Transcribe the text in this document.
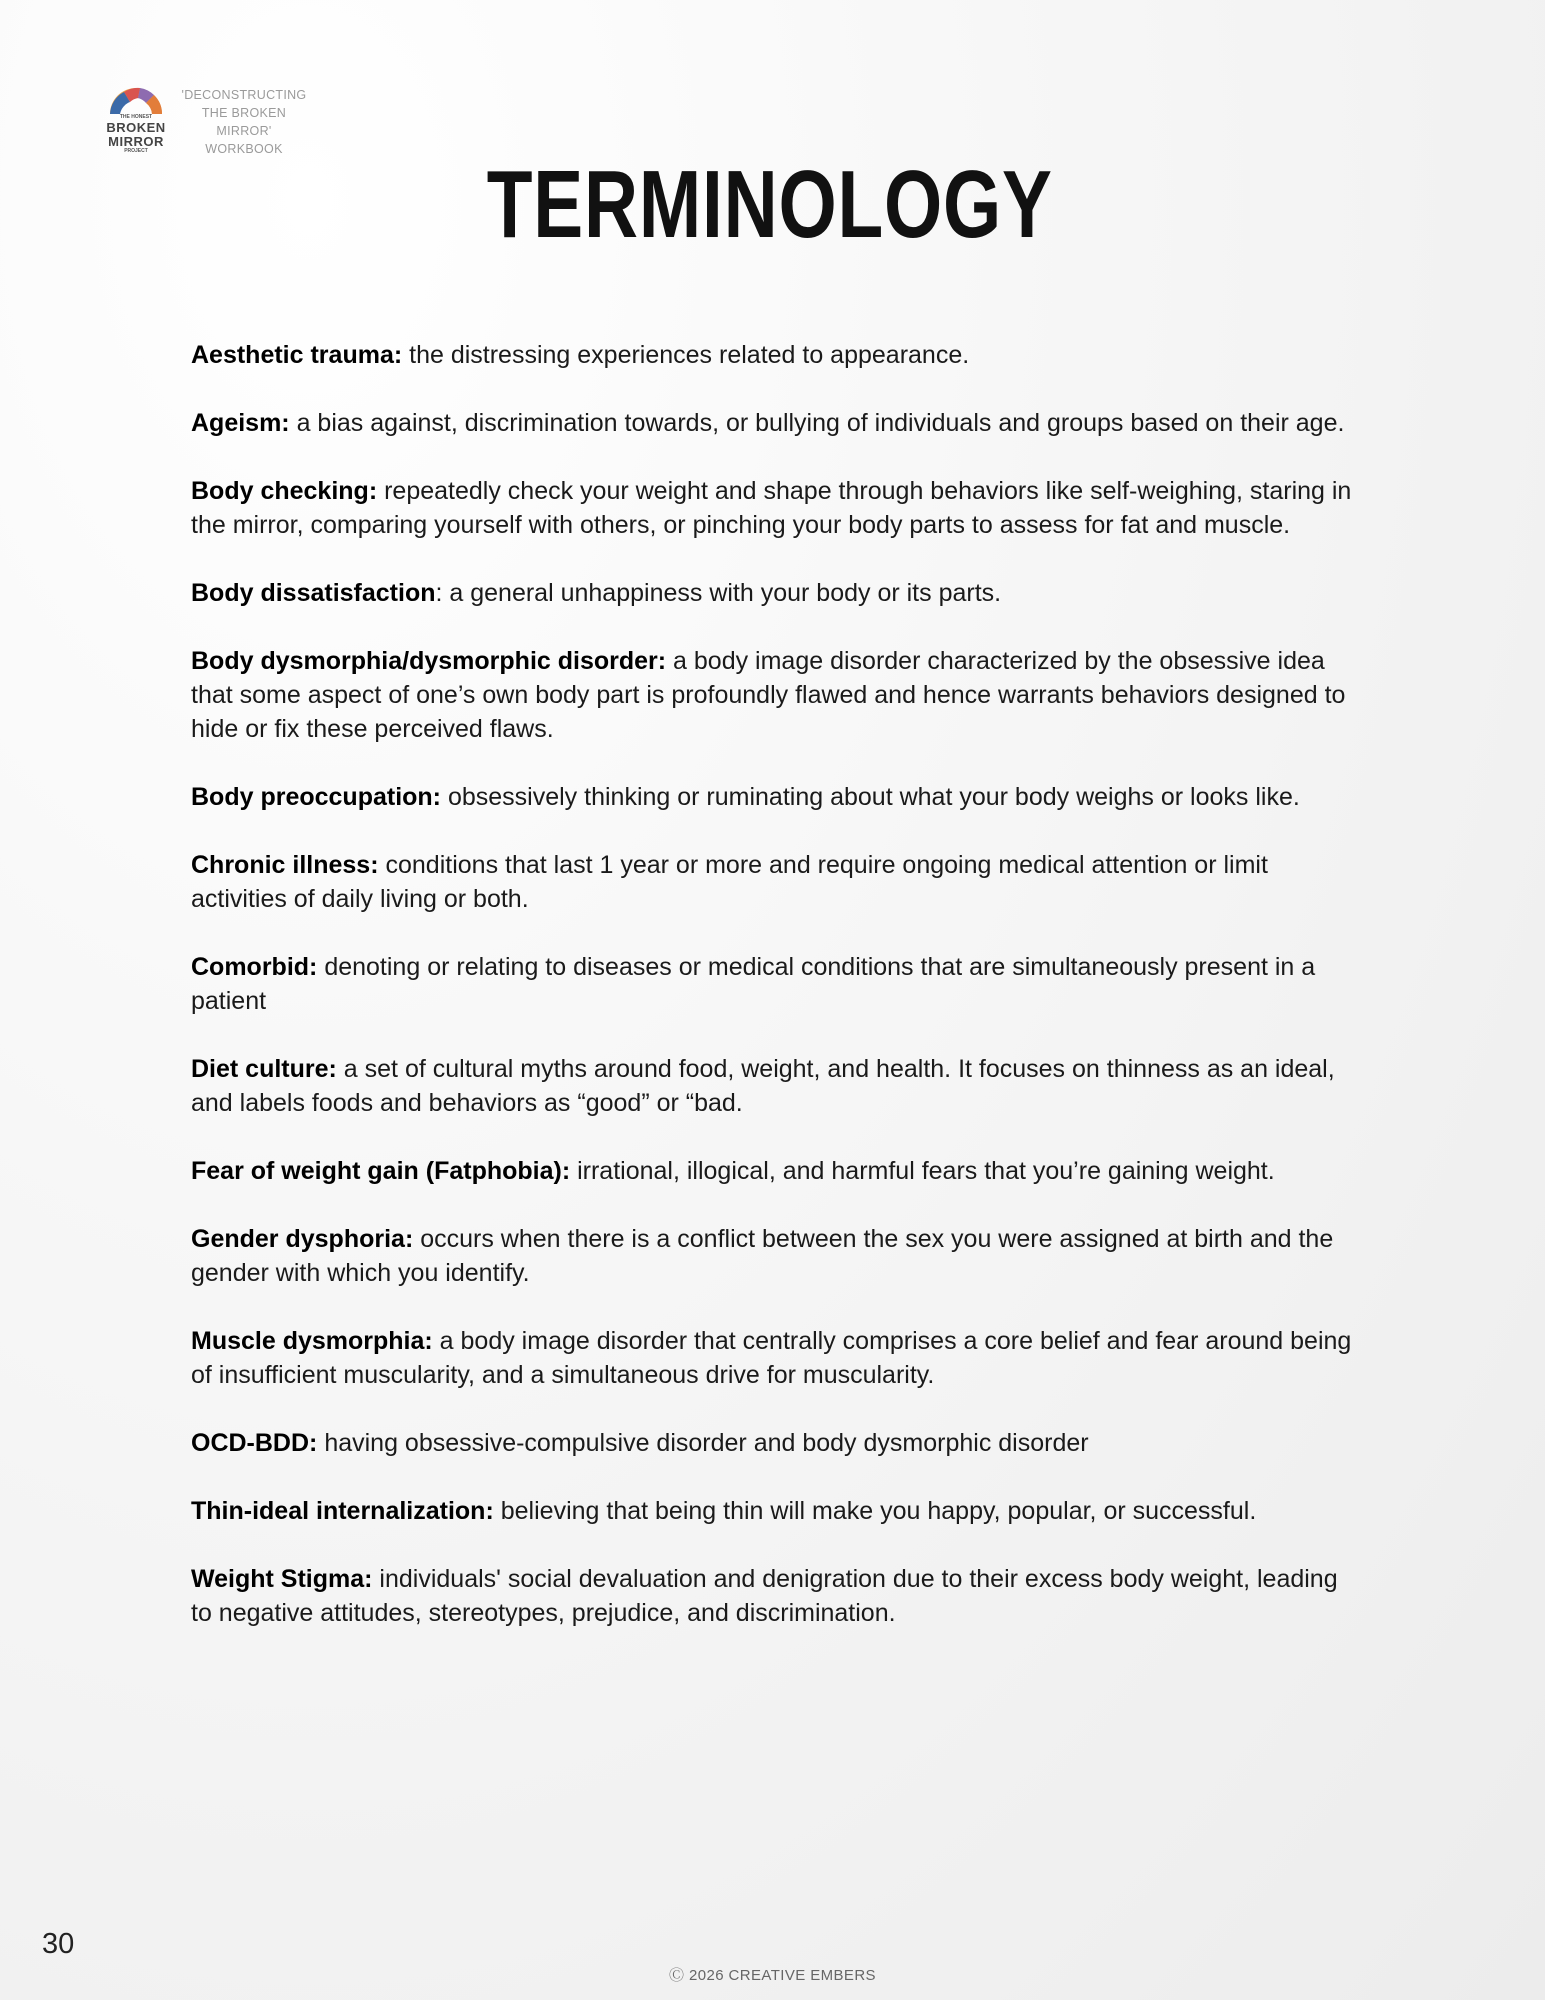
THE HONEST
BROKEN
MIRROR
PROJECT
'DECONSTRUCTING
THE BROKEN MIRROR'
WORKBOOK
TERMINOLOGY

Aesthetic trauma: the distressing experiences related to appearance.

Ageism: a bias against, discrimination towards, or bullying of individuals and groups based on their age.

Body checking: repeatedly check your weight and shape through behaviors like self-weighing, staring in the mirror, comparing yourself with others, or pinching your body parts to assess for fat and muscle.

Body dissatisfaction: a general unhappiness with your body or its parts.

Body dysmorphia/dysmorphic disorder: a body image disorder characterized by the obsessive idea that some aspect of one’s own body part is profoundly flawed and hence warrants behaviors designed to hide or fix these perceived flaws.

Body preoccupation: obsessively thinking or ruminating about what your body weighs or looks like.

Chronic illness: conditions that last 1 year or more and require ongoing medical attention or limit activities of daily living or both.

Comorbid: denoting or relating to diseases or medical conditions that are simultaneously present in a patient

Diet culture: a set of cultural myths around food, weight, and health. It focuses on thinness as an ideal, and labels foods and behaviors as “good” or “bad.

Fear of weight gain (Fatphobia): irrational, illogical, and harmful fears that you’re gaining weight.

Gender dysphoria: occurs when there is a conflict between the sex you were assigned at birth and the gender with which you identify.

Muscle dysmorphia: a body image disorder that centrally comprises a core belief and fear around being of insufficient muscularity, and a simultaneous drive for muscularity.

OCD-BDD: having obsessive-compulsive disorder and body dysmorphic disorder

Thin-ideal internalization: believing that being thin will make you happy, popular, or successful.

Weight Stigma: individuals' social devaluation and denigration due to their excess body weight, leading to negative attitudes, stereotypes, prejudice, and discrimination.

30
Ⓒ 2026 CREATIVE EMBERS
